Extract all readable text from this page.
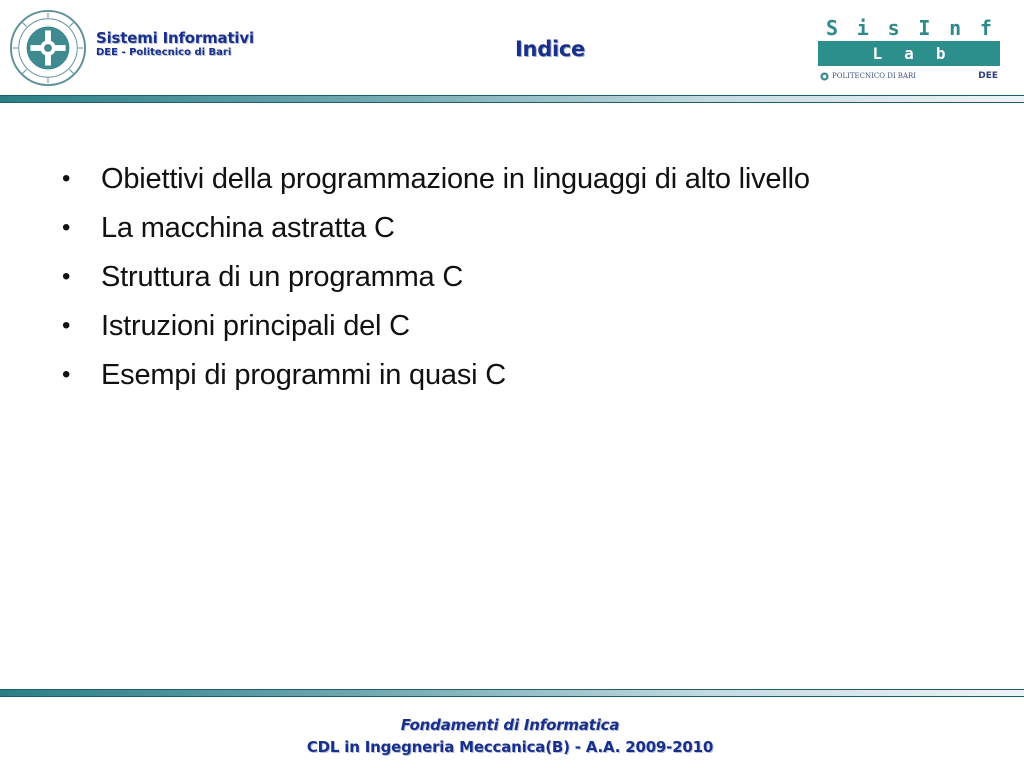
Sistemi Informativi
DEE - Politecnico di Bari	Indice
S i s I n f
L a b
POLITECNICO DI BARI	DEE
•	Obiettivi della programmazione in linguaggi di alto livello
•	La macchina astratta C
•	Struttura di un programma C
•	Istruzioni principali del C
•	Esempi di programmi in quasi C
Fondamenti di Informatica
CDL in Ingegneria Meccanica(B) - A.A. 2009-2010
